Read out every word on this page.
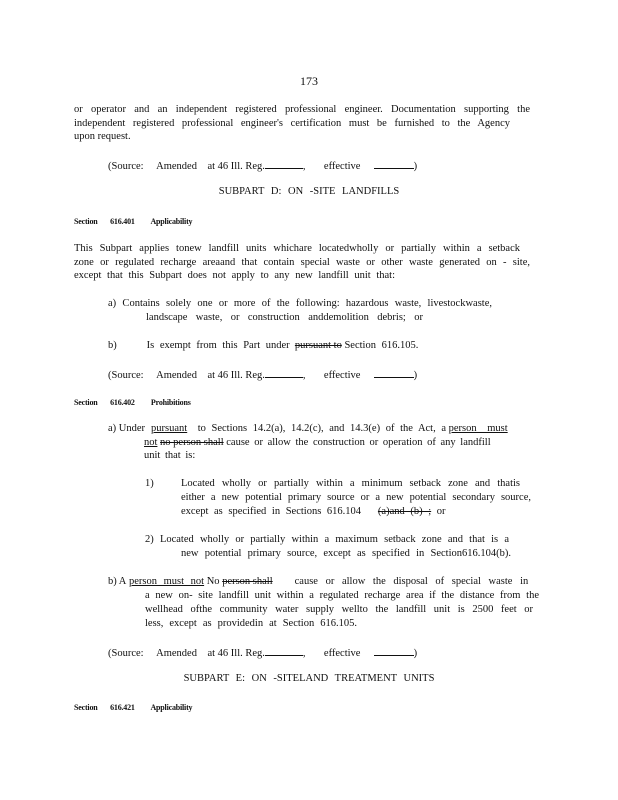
173
or operator and an independent registered professional engineer. Documentation supporting the
independent registered professional engineer's certification must be furnished to the Agency
upon request.
(Source: Amended at 46 Ill. Reg.	, effective	)
SUBPART D: ON -SITE LANDFILLS
Section 616.401 Applicability
This Subpart applies tonew landfill units whichare locatedwholly or partially within a setback
zone or regulated recharge areaand that contain special waste or other waste generated on - site,
except that this Subpart does not apply to any new landfill unit that:
a) Contains solely one or more of the following: hazardous waste, livestockwaste,
landscape waste, or construction anddemolition debris; or
b)	Is exempt from this Part under pursuant to Section 616.105.
(Source: Amended at 46 Ill. Reg.	, effective	)
Section 616.402 Prohibitions
a) Under pursuant to Sections 14.2(a), 14.2(c), and 14.3(e) of the Act, a person must
not no person shall cause or allow the construction or operation of any landfill
unit that is:
1)	Located wholly or partially within a minimum setback zone and thatis
either a new potential primary source or a new potential secondary source,
except as specified in Sections 616.104 (a)and (b) ; or
2) Located wholly or partially within a maximum setback zone and that is a
new potential primary source, except as specified in Section616.104(b).
b) A person must not No person shall cause or allow the disposal of special waste in
a new on- site landfill unit within a regulated recharge area if the distance from the
wellhead ofthe community water supply wellto the landfill unit is 2500 feet or
less, except as providedin at Section 616.105.
(Source: Amended at 46 Ill. Reg.	, effective	)
SUBPART E: ON -SITELAND TREATMENT UNITS
Section 616.421 Applicability
